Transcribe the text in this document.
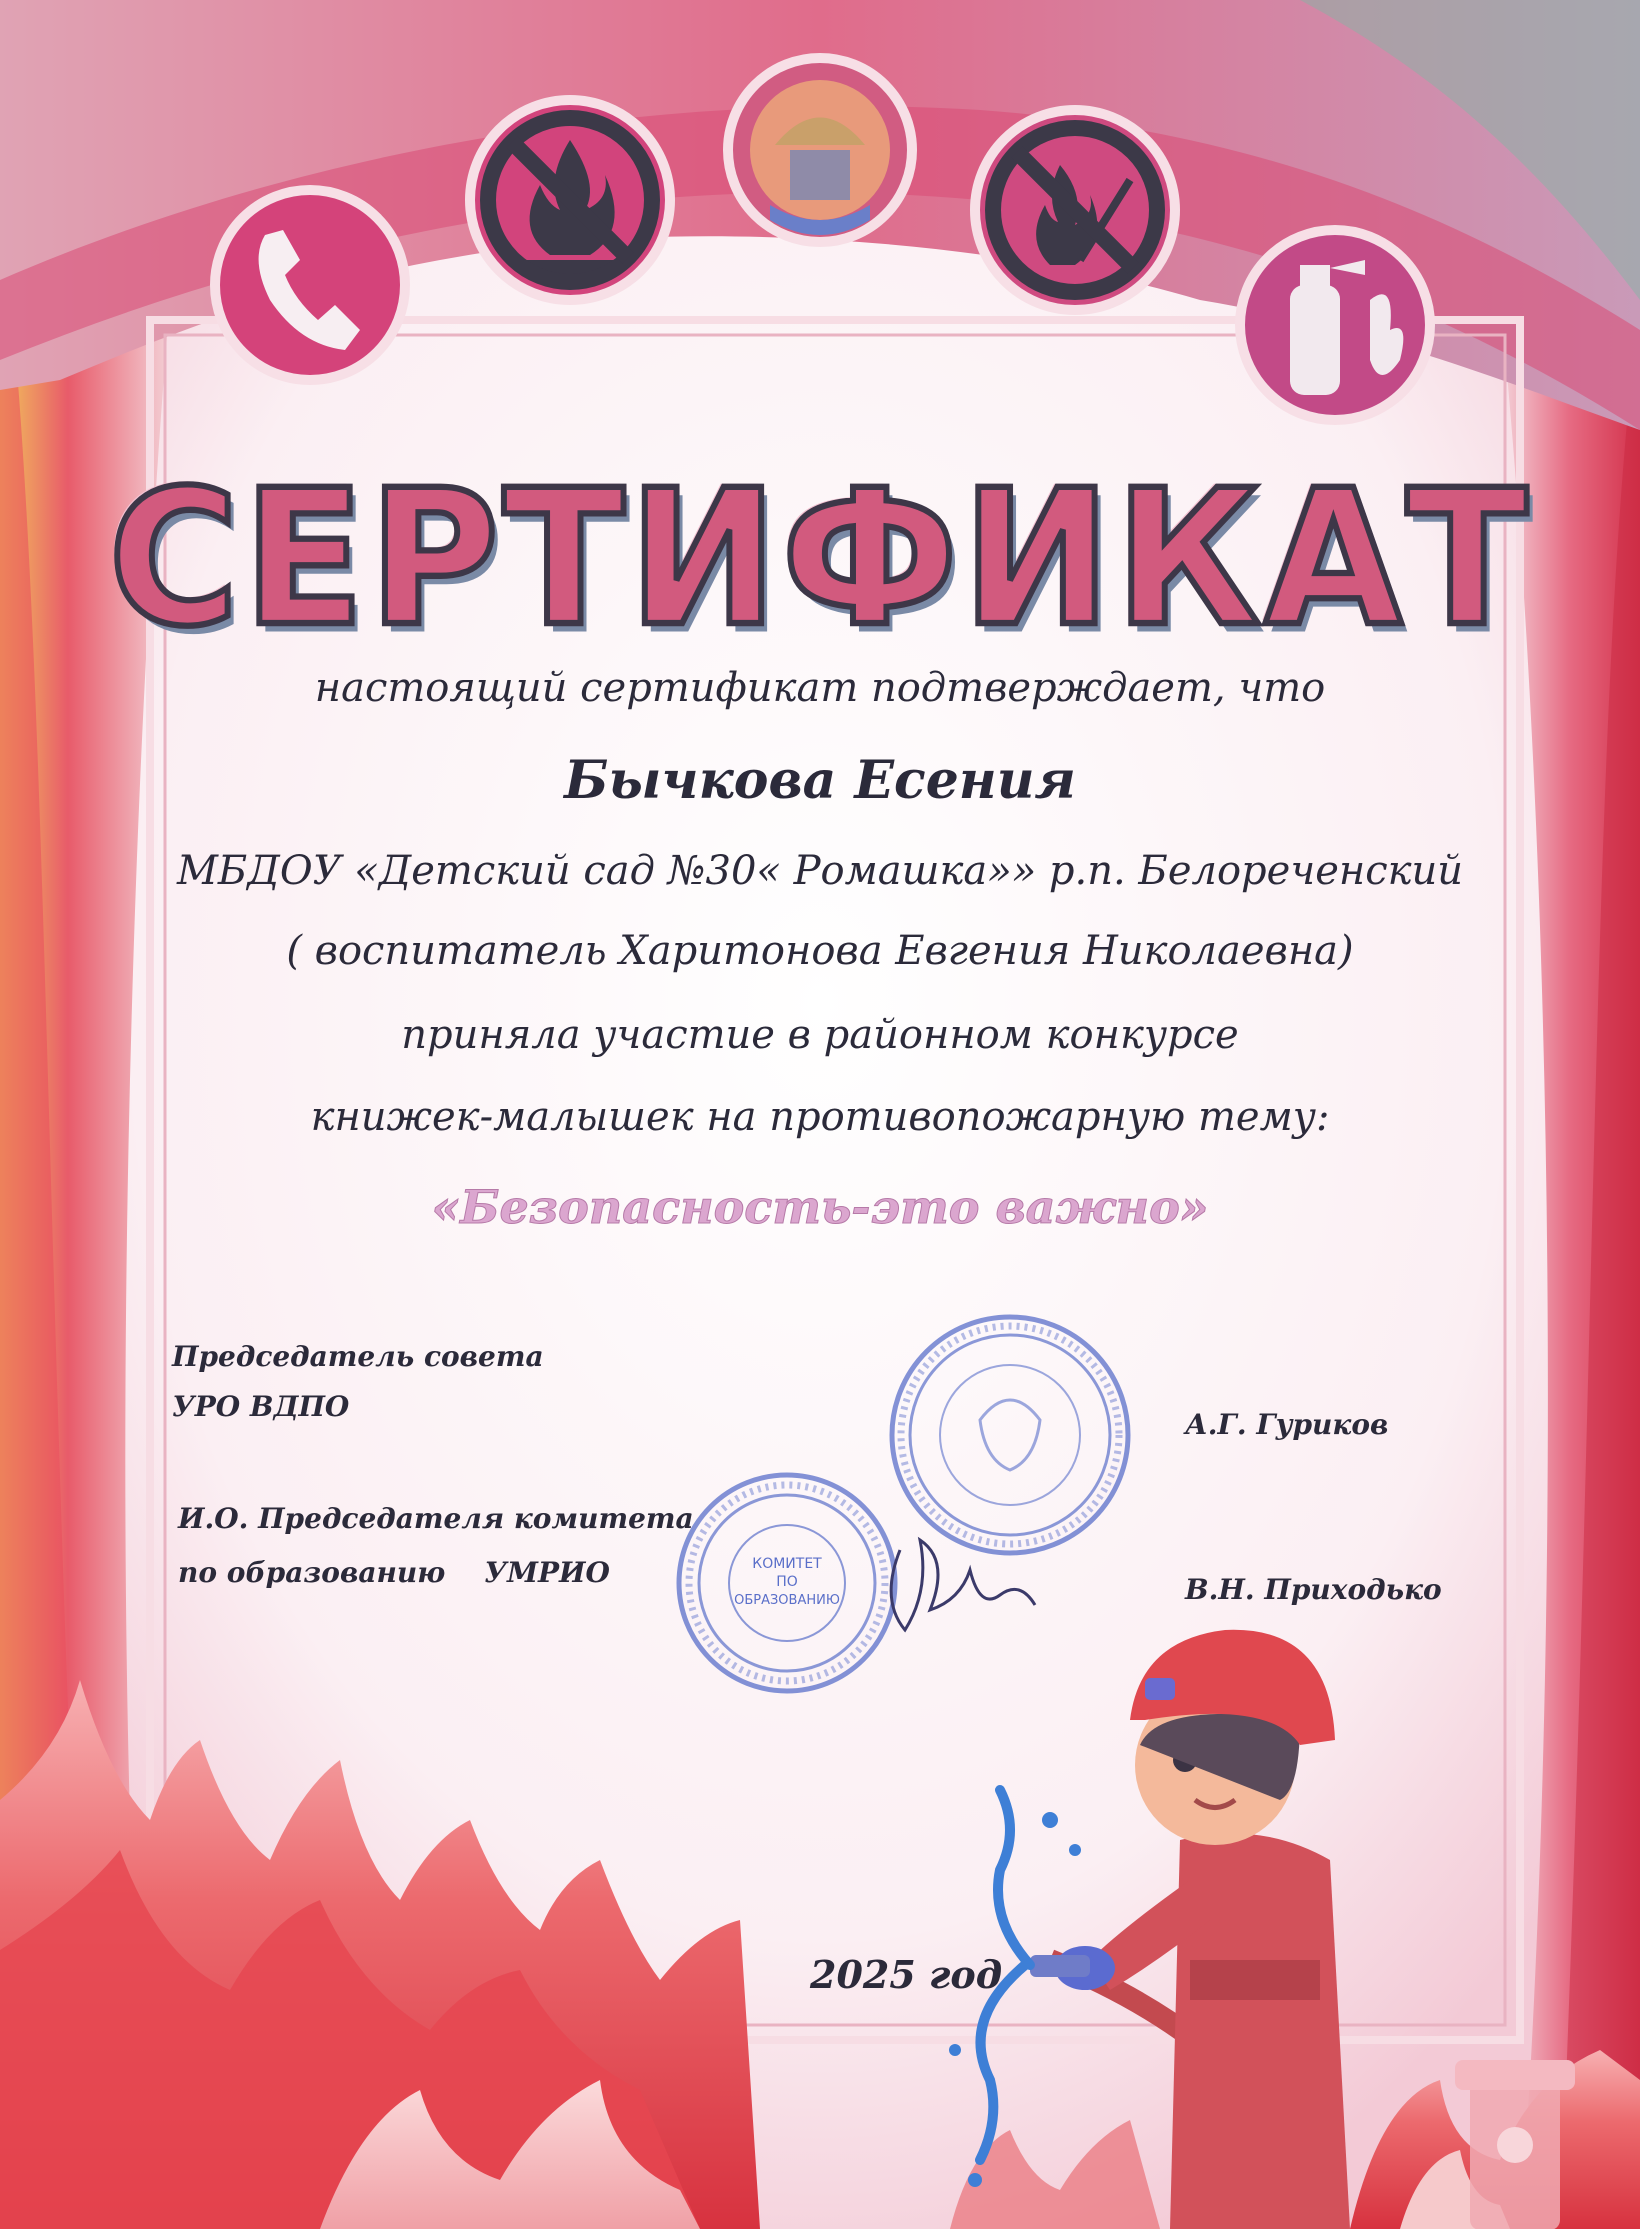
СЕРТИФИКАТ
настоящий сертификат подтверждает, что
Бычкова Есения
МБДОУ «Детский сад №30« Ромашка»» р.п. Белореченский
( воспитатель Харитонова Евгения Николаевна)
приняла участие в районном конкурсе
книжек-малышек на противопожарную тему:
«Безопасность-это важно»
КОМИТЕТ
ПО
ОБРАЗОВАНИЮ
Председатель совета
УРО ВДПО
А.Г. Гуриков
И.О. Председателя комитета
по образованию    УМРИО
В.Н. Приходько
2025 год
